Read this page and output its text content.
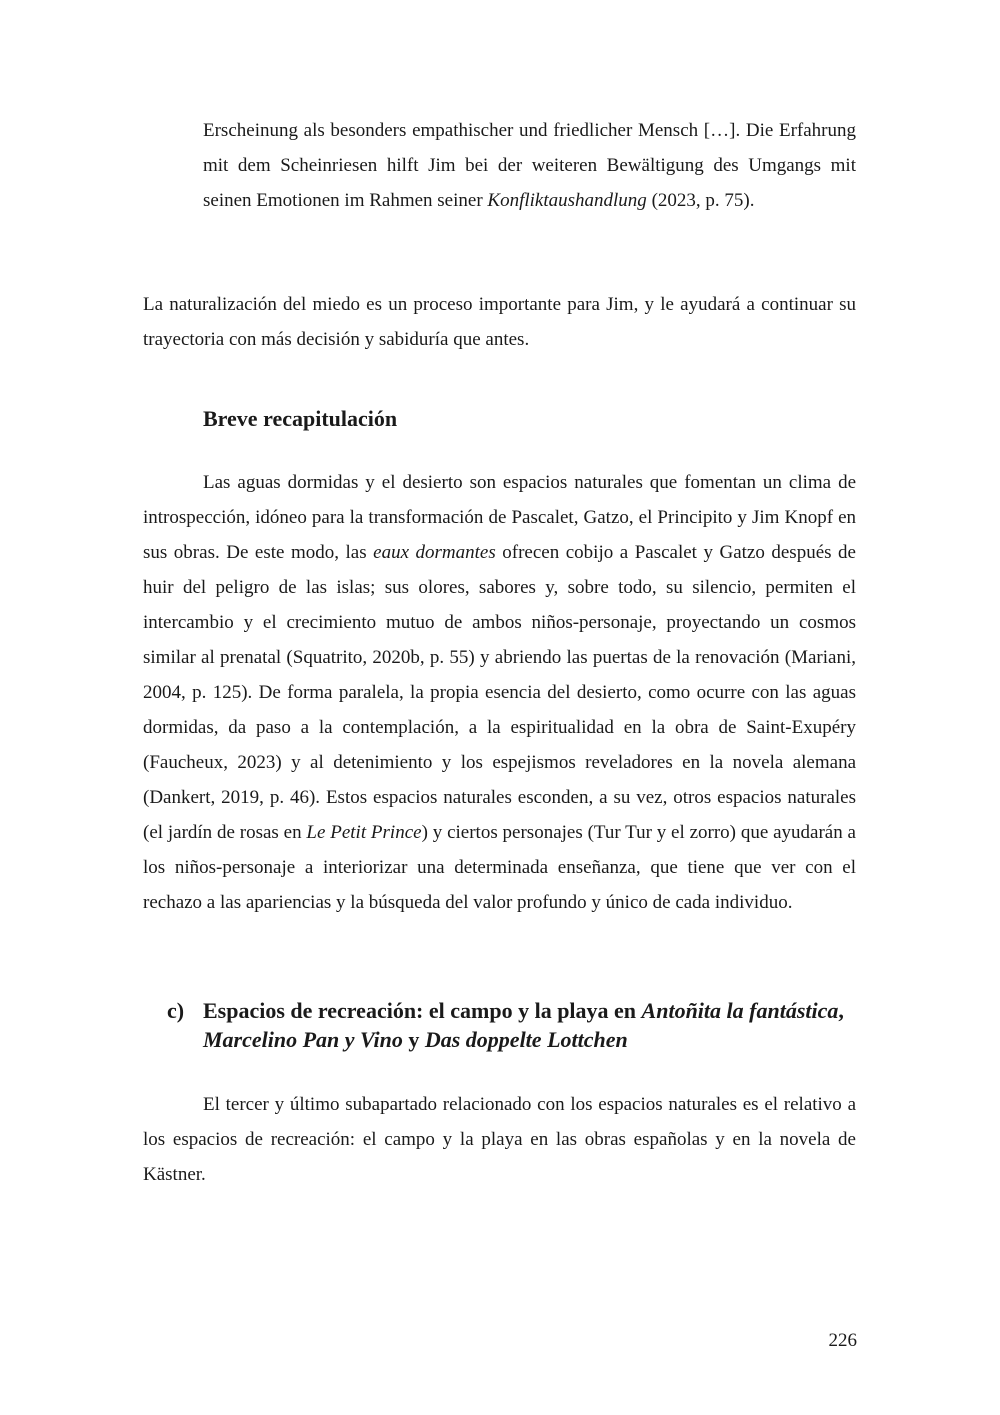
Erscheinung als besonders empathischer und friedlicher Mensch […]. Die Erfahrung mit dem Scheinriesen hilft Jim bei der weiteren Bewältigung des Umgangs mit seinen Emotionen im Rahmen seiner Konfliktaushandlung (2023, p. 75).
La naturalización del miedo es un proceso importante para Jim, y le ayudará a continuar su trayectoria con más decisión y sabiduría que antes.
Breve recapitulación
Las aguas dormidas y el desierto son espacios naturales que fomentan un clima de introspección, idóneo para la transformación de Pascalet, Gatzo, el Principito y Jim Knopf en sus obras. De este modo, las eaux dormantes ofrecen cobijo a Pascalet y Gatzo después de huir del peligro de las islas; sus olores, sabores y, sobre todo, su silencio, permiten el intercambio y el crecimiento mutuo de ambos niños-personaje, proyectando un cosmos similar al prenatal (Squatrito, 2020b, p. 55) y abriendo las puertas de la renovación (Mariani, 2004, p. 125). De forma paralela, la propia esencia del desierto, como ocurre con las aguas dormidas, da paso a la contemplación, a la espiritualidad en la obra de Saint-Exupéry (Faucheux, 2023) y al detenimiento y los espejismos reveladores en la novela alemana (Dankert, 2019, p. 46). Estos espacios naturales esconden, a su vez, otros espacios naturales (el jardín de rosas en Le Petit Prince) y ciertos personajes (Tur Tur y el zorro) que ayudarán a los niños-personaje a interiorizar una determinada enseñanza, que tiene que ver con el rechazo a las apariencias y la búsqueda del valor profundo y único de cada individuo.
c) Espacios de recreación: el campo y la playa en Antoñita la fantástica, Marcelino Pan y Vino y Das doppelte Lottchen
El tercer y último subapartado relacionado con los espacios naturales es el relativo a los espacios de recreación: el campo y la playa en las obras españolas y en la novela de Kästner.
226
